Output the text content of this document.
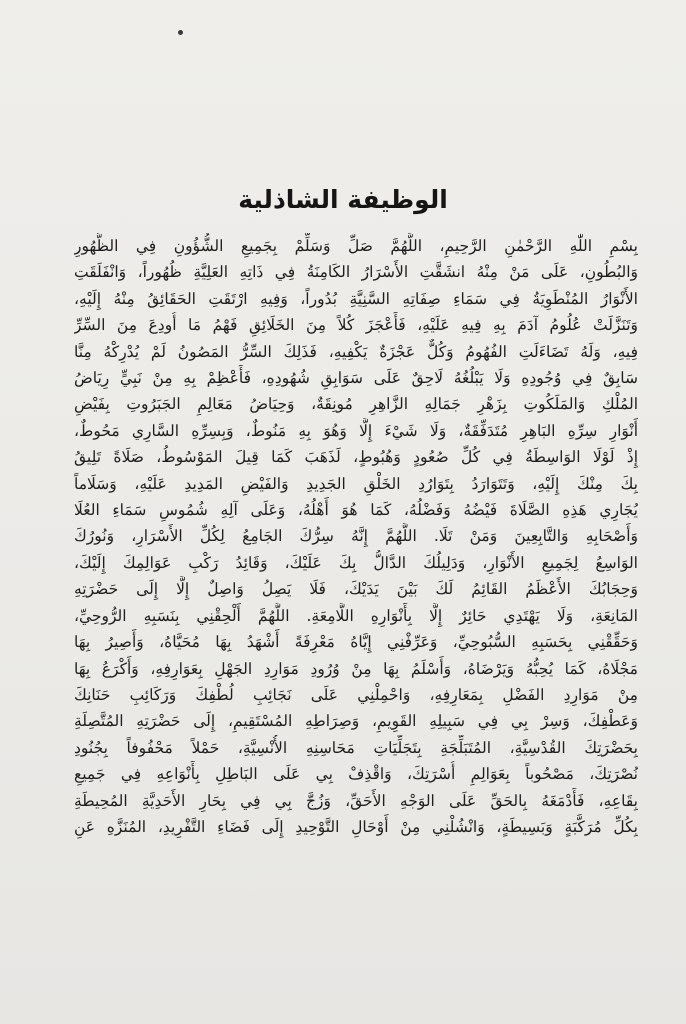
الوظيفة الشاذلية
بِسْمِ اللّٰهِ الرَّحْمٰنِ الرَّحِيمِ، اللَّهُمَّ صَلِّ وَسَلِّمْ بِجَمِيعِ الشُّؤُونِ فِي الظُّهُورِ
وَالبُطُونِ، عَلَى مَنْ مِنْهُ انشَقَّتِ الأَسْرَارُ الكَامِنَةُ فِي ذَاتِهِ العَلِيَّةِ ظُهُوراً، وَانْفَلَقَتِ
الأَنْوَارُ المُنْطَوِيَةُ فِي سَمَاءِ صِفَاتِهِ السَّنِيَّةِ بُدُوراً، وَفِيهِ ارْتَقَتِ الحَقَائِقُ مِنْهُ إِلَيْهِ،
وَتَنَزَّلَتْ عُلُومُ آدَمَ بِهِ فِيهِ عَلَيْهِ، فَأَعْجَزَ كُلاً مِنَ الخَلَائِقِ فَهْمُ مَا أُودِعَ مِنَ السِّرِّ
فِيهِ، وَلَهُ تَضَاءَلَتِ الفُهُومُ وَكُلٌّ عَجْزَةٌ يَكْفِيهِ، فَذَلِكَ السِّرُّ المَصُونُ لَمْ يُدْرِكْهُ مِنَّا
سَابِقٌ فِي وُجُودِهِ وَلَا يَبْلُغُهُ لَاحِقٌ عَلَى سَوَابِقِ شُهُودِهِ، فَأَعْظِمْ بِهِ مِنْ نَبِيٍّ رِيَاضُ
المُلْكِ وَالمَلَكُوتِ بِزَهْرِ جَمَالِهِ الزَّاهِرِ مُونِقَةٌ، وَحِيَاضُ مَعَالِمِ الجَبَرُوتِ بِفَيْضِ
أَنْوَارِ سِرِّهِ البَاهِرِ مُتَدَفِّقَةٌ، وَلَا شَيْءَ إِلَّا وَهُوَ بِهِ مَنُوطٌ، وَبِسِرِّهِ السَّارِي مَحُوطٌ،
إِذْ لَوْلَا الوَاسِطَةُ فِي كُلِّ صُعُودٍ وَهُبُوطٍ، لَذَهَبَ كَمَا قِيلَ المَوْسُوطُ، صَلَاةً تَلِيقُ
بِكَ مِنْكَ إِلَيْهِ، وَتَتَوَارَدُ بِتَوَارُدِ الخَلْقِ الجَدِيدِ وَالفَيْضِ المَدِيدِ عَلَيْهِ، وَسَلَاماً
يُجَارِي هَذِهِ الصَّلَاةَ فَيْضُهُ وَفَضْلُهُ، كَمَا هُوَ أَهْلُهُ، وَعَلَى آلِهِ شُمُوسِ سَمَاءِ العُلَا
وَأَصْحَابِهِ وَالتَّابِعِينَ وَمَنْ تَلَا. اللَّهُمَّ إِنَّهُ سِرُّكَ الجَامِعُ لِكُلِّ الأَسْرَارِ، وَنُورُكَ
الوَاسِعُ لِجَمِيعِ الأَنْوَارِ، وَدَلِيلُكَ الدَّالُّ بِكَ عَلَيْكَ، وَقَائِدُ رَكْبِ عَوَالِمِكَ إِلَيْكَ،
وَحِجَابُكَ الأَعْظَمُ القَائِمُ لَكَ بَيْنَ يَدَيْكَ، فَلَا يَصِلُ وَاصِلٌ إِلَّا إِلَى حَضْرَتِهِ
المَانِعَةِ، وَلَا يَهْتَدِي حَائِرٌ إِلَّا بِأَنْوَارِهِ اللَّامِعَةِ. اللَّهُمَّ أَلْحِقْنِي بِنَسَبِهِ الرُّوحِيِّ،
وَحَقِّقْنِي بِحَسَبِهِ السُّبُوحِيِّ، وَعَرِّفْنِي إِيَّاهُ مَعْرِفَةً أَشْهَدُ بِهَا مُحَيَّاهُ، وَأَصِيرُ بِهَا
مَجْلَاهُ، كَمَا يُحِبُّهُ وَيَرْضَاهُ، وَأَسْلَمُ بِهَا مِنْ وُرُودِ مَوَارِدِ الجَهْلِ بِعَوَارِفِهِ، وَأَكْرَعُ بِهَا
مِنْ مَوَارِدِ الفَضْلِ بِمَعَارِفِهِ، وَاحْمِلْنِي عَلَى نَجَائِبِ لُطْفِكَ وَرَكَائِبِ حَنَانِكَ
وَعَطْفِكَ، وَسِرْ بِي فِي سَبِيلِهِ القَوِيمِ، وَصِرَاطِهِ المُسْتَقِيمِ، إِلَى حَضْرَتِهِ المُتَّصِلَةِ
بِحَضْرَتِكَ القُدْسِيَّةِ، المُتَبَلِّجَةِ بِتَجَلِّيَاتِ مَحَاسِنِهِ الأُنْسِيَّةِ، حَمْلاً مَحْفُوفاً بِجُنُودِ
نُصْرَتِكَ، مَصْحُوباً بِعَوَالِمِ أُسْرَتِكَ، وَاقْذِفْ بِي عَلَى البَاطِلِ بِأَنْوَاعِهِ فِي جَمِيعِ
بِقَاعِهِ، فَأَدْمَغَهُ بِالحَقِّ عَلَى الوَجْهِ الأَحَقِّ، وَزُجَّ بِي فِي بِحَارِ الأَحَدِيَّةِ المُحِيطَةِ
بِكُلِّ مُرَكَّبَةٍ وَبَسِيطَةٍ، وَانْشُلْنِي مِنْ أَوْحَالِ التَّوْحِيدِ إِلَى فَضَاءِ التَّفْرِيدِ، المُنَزَّهِ عَنِ
